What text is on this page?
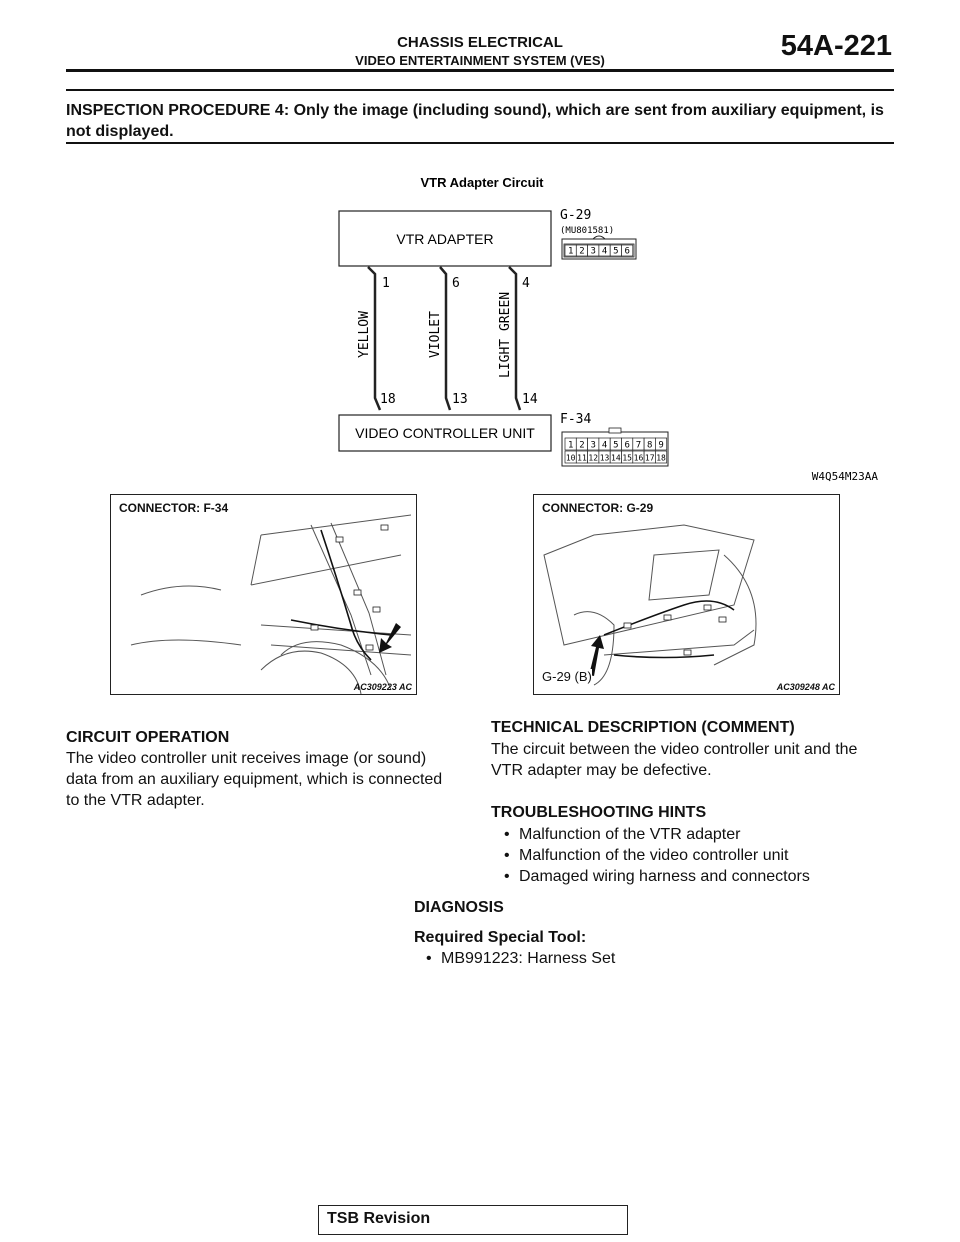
CHASSIS ELECTRICAL
VIDEO ENTERTAINMENT SYSTEM (VES)	54A-221
INSPECTION PROCEDURE 4: Only the image (including sound), which are sent from auxiliary equipment, is not displayed.
VTR Adapter Circuit
VTR ADAPTER
VIDEO CONTROLLER UNIT
1
18
YELLOW
6
13
VIOLET
4
14
LIGHT GREEN
G-29
(MU801581)
1 2 3 4 5 6
F-34
1 2 3 4 5 6 7 8 9
10 11 12 13 14 15 16 17 18
W4Q54M23AA
CONNECTOR: F-34
AC309223 AC
CONNECTOR: G-29
G-29 (B)
AC309248 AC
CIRCUIT OPERATION
The video controller unit receives image (or sound)
data from an auxiliary equipment, which is connected
to the VTR adapter.
TECHNICAL DESCRIPTION (COMMENT)
The circuit between the video controller unit and the
VTR adapter may be defective.
TROUBLESHOOTING HINTS
• Malfunction of the VTR adapter
• Malfunction of the video controller unit
• Damaged wiring harness and connectors
DIAGNOSIS
Required Special Tool:
• MB991223: Harness Set
TSB Revision
